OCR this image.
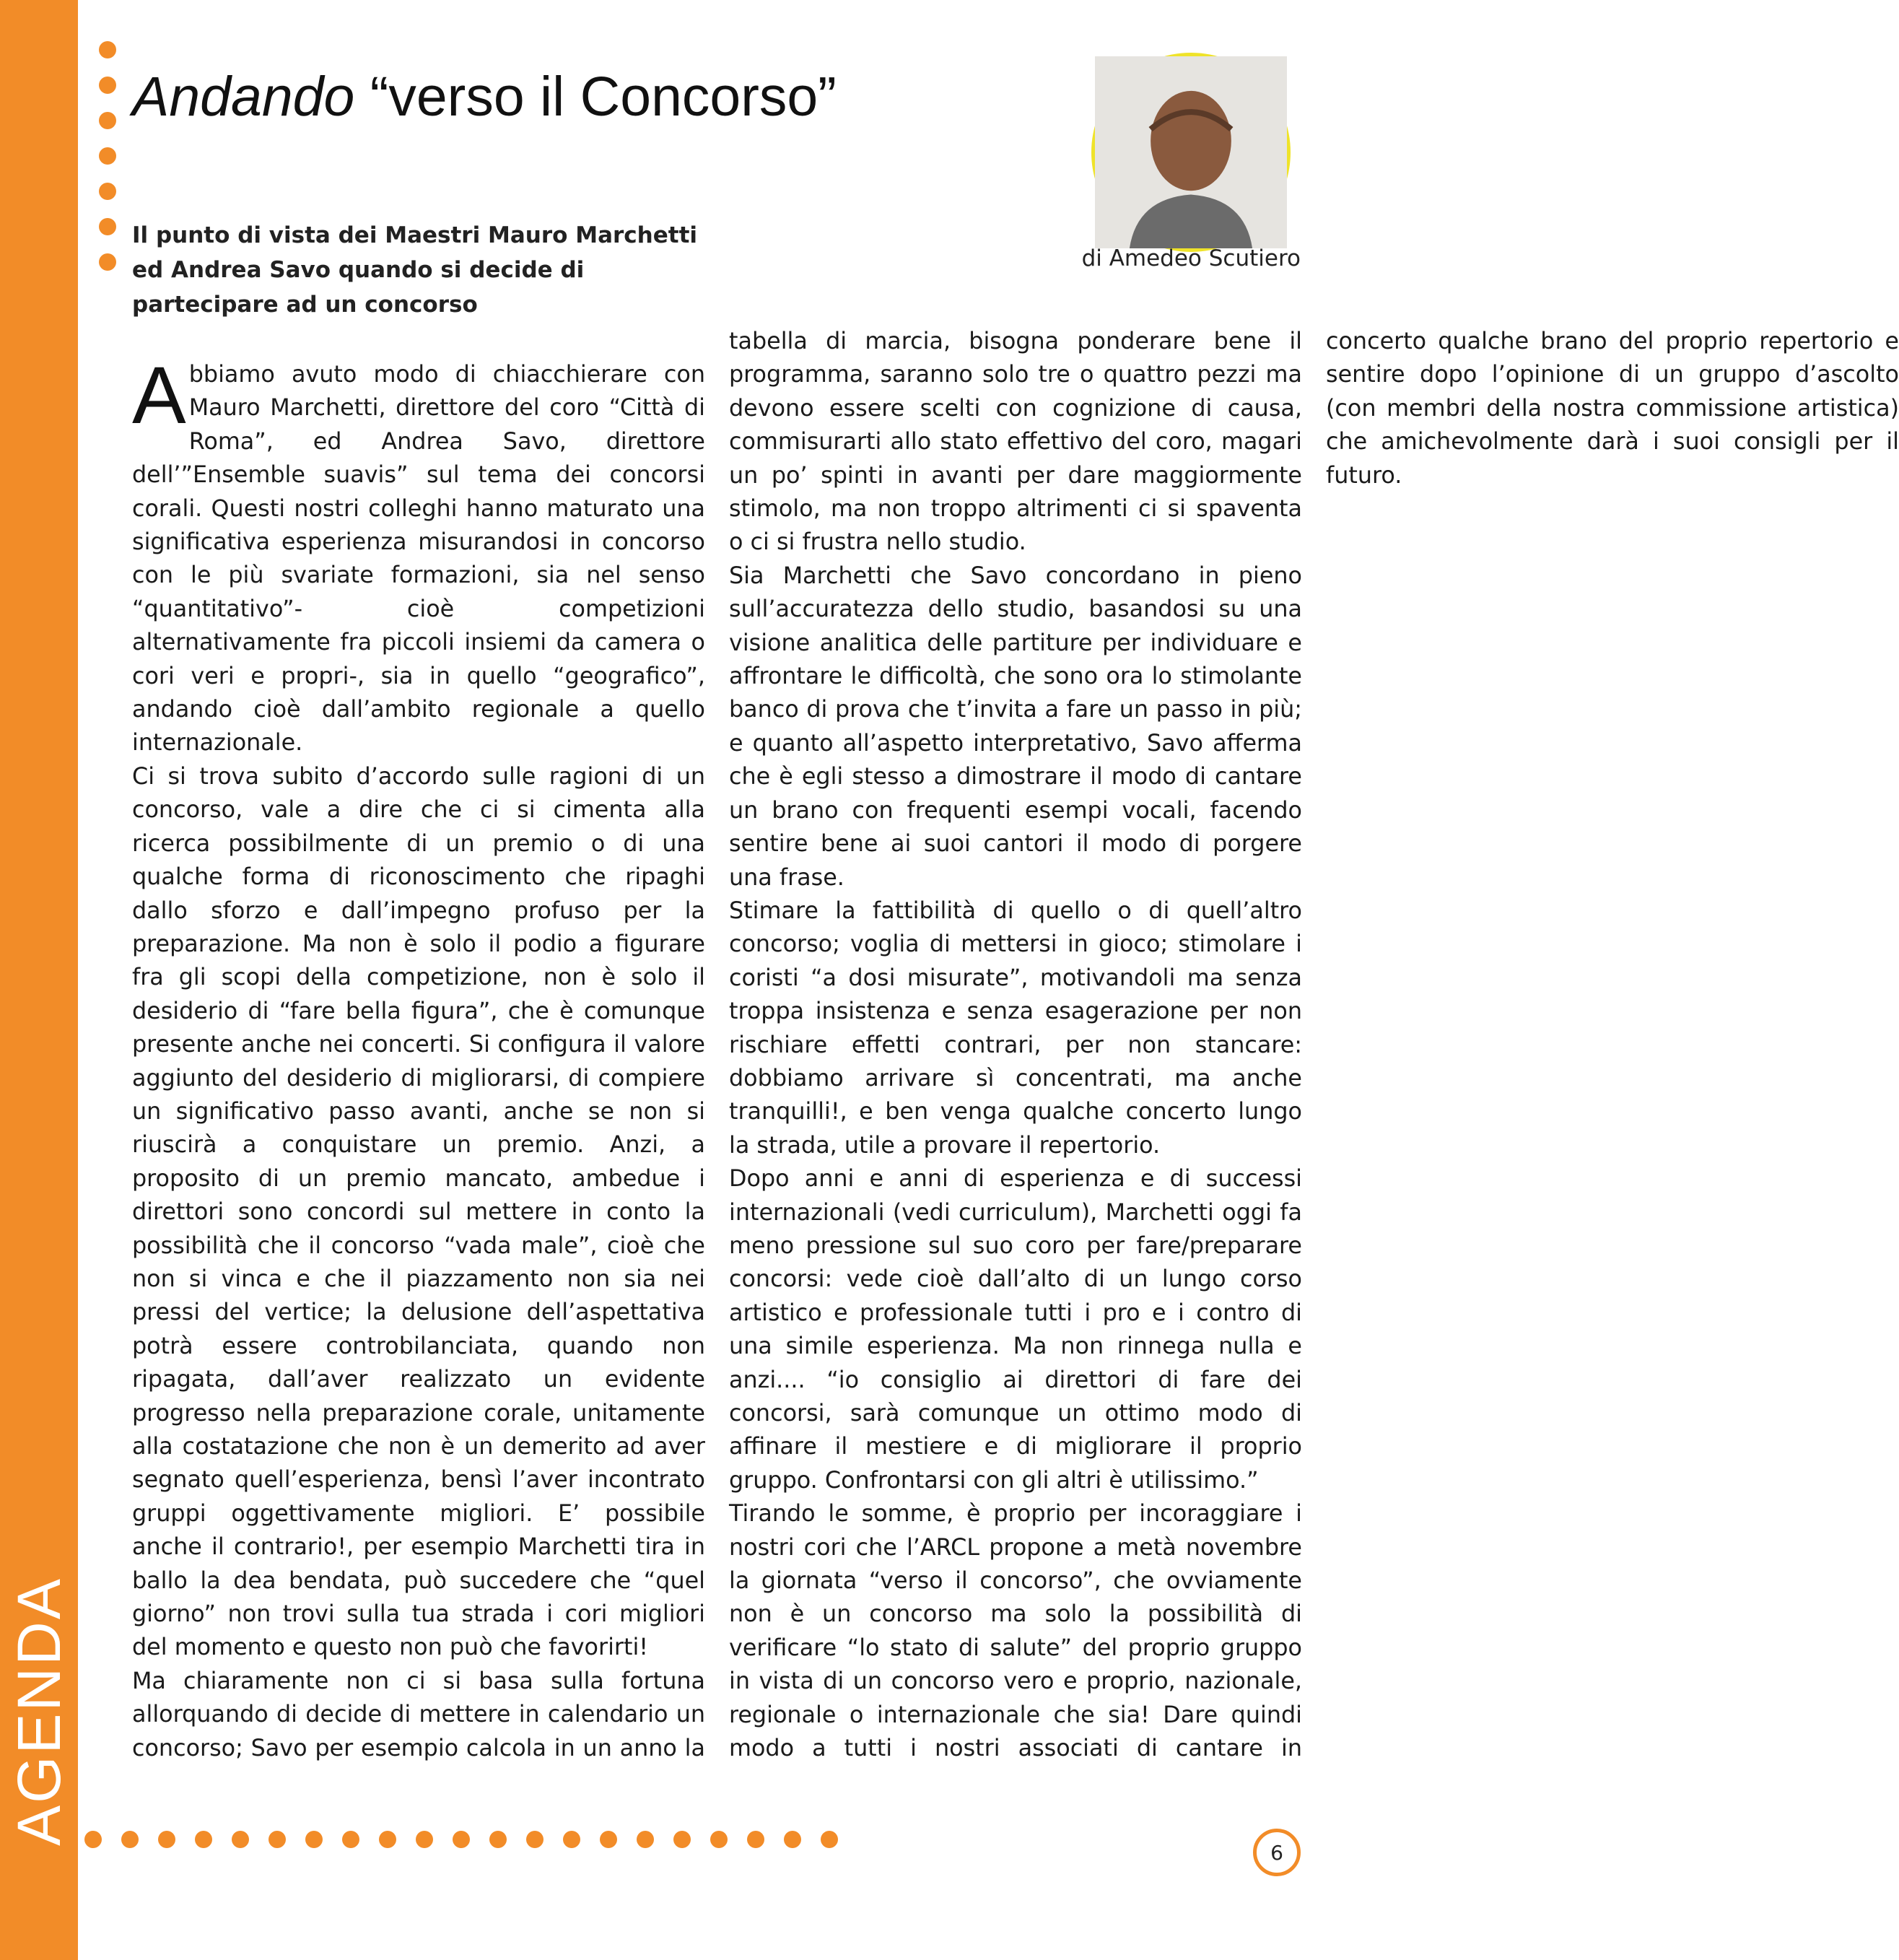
AGENDA
Andando “verso il Concorso”

Il punto di vista dei Maestri Mauro Marchetti ed Andrea Savo quando si decide di partecipare ad un concorso

di Amedeo Scutiero

Abbiamo avuto modo di chiacchierare con Mauro Marchetti, direttore del coro “Città di Roma”, ed Andrea Savo, direttore dell’”Ensemble suavis” sul tema dei concorsi corali. Questi nostri colleghi hanno maturato una significativa esperienza misurandosi in concorso con le più svariate formazioni, sia nel senso “quantitativo”- cioè competizioni alternativamente fra piccoli insiemi da camera o cori veri e propri-, sia in quello “geografico”, andando cioè dall’ambito regionale a quello internazionale.

Ci si trova subito d’accordo sulle ragioni di un concorso, vale a dire che ci si cimenta alla ricerca possibilmente di un premio o di una qualche forma di riconoscimento che ripaghi dallo sforzo e dall’impegno profuso per la preparazione. Ma non è solo il podio a figurare fra gli scopi della competizione, non è solo il desiderio di “fare bella figura”, che è comunque presente anche nei concerti. Si configura il valore aggiunto del desiderio di migliorarsi, di compiere un significativo passo avanti, anche se non si riuscirà a conquistare un premio. Anzi, a proposito di un premio mancato, ambedue i direttori sono concordi sul mettere in conto la possibilità che il concorso “vada male”, cioè che non si vinca e che il piazzamento non sia nei pressi del vertice; la delusione dell’aspettativa potrà essere controbilanciata, quando non ripagata, dall’aver realizzato un evidente progresso nella preparazione corale, unitamente alla costatazione che non è un demerito ad aver segnato quell’esperienza, bensì l’aver incontrato gruppi oggettivamente migliori. E’ possibile anche il contrario!, per esempio Marchetti tira in ballo la dea bendata, può succedere che “quel giorno” non trovi sulla tua strada i cori migliori del momento e questo non può che favorirti!

Ma chiaramente non ci si basa sulla fortuna allorquando di decide di mettere in calendario un concorso; Savo per esempio calcola in un anno la tabella di marcia, bisogna ponderare bene il programma, saranno solo tre o quattro pezzi ma devono essere scelti con cognizione di causa, commisurarti allo stato effettivo del coro, magari un po’ spinti in avanti per dare maggiormente stimolo, ma non troppo altrimenti ci si spaventa o ci si frustra nello studio.

Sia Marchetti che Savo concordano in pieno sull’accuratezza dello studio, basandosi su una visione analitica delle partiture per individuare e affrontare le difficoltà, che sono ora lo stimolante banco di prova che t’invita a fare un passo in più; e quanto all’aspetto interpretativo, Savo afferma che è egli stesso a dimostrare il modo di cantare un brano con frequenti esempi vocali, facendo sentire bene ai suoi cantori il modo di porgere una frase.

Stimare la fattibilità di quello o di quell’altro concorso; voglia di mettersi in gioco; stimolare i coristi “a dosi misurate”, motivandoli ma senza troppa insistenza e senza esagerazione per non rischiare effetti contrari, per non stancare: dobbiamo arrivare sì concentrati, ma anche tranquilli!, e ben venga qualche concerto lungo la strada, utile a provare il repertorio.

Dopo anni e anni di esperienza e di successi internazionali (vedi curriculum), Marchetti oggi fa meno pressione sul suo coro per fare/preparare concorsi: vede cioè dall’alto di un lungo corso artistico e professionale tutti i pro e i contro di una simile esperienza. Ma non rinnega nulla e anzi.... “io consiglio ai direttori di fare dei concorsi, sarà comunque un ottimo modo di affinare il mestiere e di migliorare il proprio gruppo. Confrontarsi con gli altri è utilissimo.”

Tirando le somme, è proprio per incoraggiare i nostri cori che l’ARCL propone a metà novembre la giornata “verso il concorso”, che ovviamente non è un concorso ma solo la possibilità di verificare “lo stato di salute” del proprio gruppo in vista di un concorso vero e proprio, nazionale, regionale o internazionale che sia! Dare quindi modo a tutti i nostri associati di cantare in concerto qualche brano del proprio repertorio e sentire dopo l’opinione di un gruppo d’ascolto (con membri della nostra commissione artistica) che amichevolmente darà i suoi consigli per il futuro.

6
